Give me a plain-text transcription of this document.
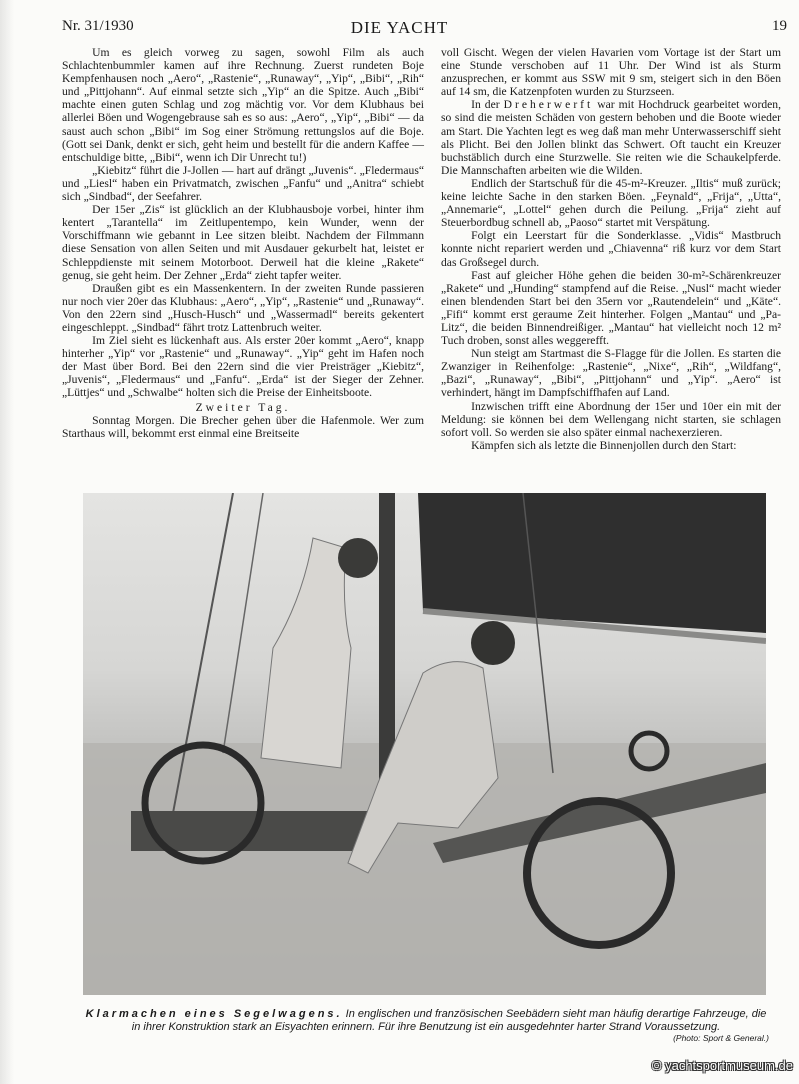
Nr. 31/1930	DIE YACHT	19

Um es gleich vorweg zu sagen, sowohl Film als auch Schlachtenbummler kamen auf ihre Rechnung. Zuerst rundeten Boje Kempfenhausen noch „Aero“, „Rastenie“, „Runaway“, „Yip“, „Bibi“, „Rih“ und „Pittjohann“. Auf einmal setzte sich „Yip“ an die Spitze. Auch „Bibi“ machte einen guten Schlag und zog mächtig vor. Vor dem Klubhaus bei allerlei Böen und Wogengebrause sah es so aus: „Aero“, „Yip“, „Bibi“ — da saust auch schon „Bibi“ im Sog einer Strömung rettungslos auf die Boje. (Gott sei Dank, denkt er sich, geht heim und bestellt für die andern Kaffee — entschuldige bitte, „Bibi“, wenn ich Dir Unrecht tu!)

„Kiebitz“ führt die J-Jollen — hart auf drängt „Juvenis“. „Fledermaus“ und „Liesl“ haben ein Privatmatch, zwischen „Fanfu“ und „Anitra“ schiebt sich „Sindbad“, der Seefahrer.

Der 15er „Zis“ ist glücklich an der Klubhausboje vorbei, hinter ihm kentert „Tarantella“ im Zeitlupentempo, kein Wunder, wenn der Vorschiffmann wie gebannt in Lee sitzen bleibt. Nachdem der Filmmann diese Sensation von allen Seiten und mit Ausdauer gekurbelt hat, leistet er Schleppdienste mit seinem Motorboot. Derweil hat die kleine „Rakete“ genug, sie geht heim. Der Zehner „Erda“ zieht tapfer weiter.

Draußen gibt es ein Massenkentern. In der zweiten Runde passieren nur noch vier 20er das Klubhaus: „Aero“, „Yip“, „Rastenie“ und „Runaway“. Von den 22ern sind „Husch-Husch“ und „Wassermadl“ bereits gekentert eingeschleppt. „Sindbad“ fährt trotz Lattenbruch weiter.

Im Ziel sieht es lückenhaft aus. Als erster 20er kommt „Aero“, knapp hinterher „Yip“ vor „Rastenie“ und „Runaway“. „Yip“ geht im Hafen noch der Mast über Bord. Bei den 22ern sind die vier Preisträger „Kiebitz“, „Juvenis“, „Fledermaus“ und „Fanfu“. „Erda“ ist der Sieger der Zehner. „Lüttjes“ und „Schwalbe“ holten sich die Preise der Einheitsboote.

Zweiter Tag.

Sonntag Morgen. Die Brecher gehen über die Hafenmole. Wer zum Starthaus will, bekommt erst einmal eine Breitseite

voll Gischt. Wegen der vielen Havarien vom Vortage ist der Start um eine Stunde verschoben auf 11 Uhr. Der Wind ist als Sturm anzusprechen, er kommt aus SSW mit 9 sm, steigert sich in den Böen auf 14 sm, die Katzenpfoten wurden zu Sturzseen.

In der Dreherwerft war mit Hochdruck gearbeitet worden, so sind die meisten Schäden von gestern behoben und die Boote wieder am Start. Die Yachten legt es weg daß man mehr Unterwasserschiff sieht als Plicht. Bei den Jollen blinkt das Schwert. Oft taucht ein Kreuzer buchstäblich durch eine Sturzwelle. Sie reiten wie die Schaukelpferde. Die Mannschaften arbeiten wie die Wilden.

Endlich der Startschuß für die 45-m²-Kreuzer. „Iltis“ muß zurück; keine leichte Sache in den starken Böen. „Feynald“, „Frija“, „Utta“, „Annemarie“, „Lottel“ gehen durch die Peilung. „Frija“ zieht auf Steuerbordbug schnell ab, „Paoso“ startet mit Verspätung.

Folgt ein Leerstart für die Sonderklasse. „Vidis“ Mastbruch konnte nicht repariert werden und „Chiavenna“ riß kurz vor dem Start das Großsegel durch.

Fast auf gleicher Höhe gehen die beiden 30-m²-Schärenkreuzer „Rakete“ und „Hunding“ stampfend auf die Reise. „Nusl“ macht wieder einen blendenden Start bei den 35ern vor „Rautendelein“ und „Käte“. „Fifi“ kommt erst geraume Zeit hinterher. Folgen „Mantau“ und „Pa-Litz“, die beiden Binnendreißiger. „Mantau“ hat vielleicht noch 12 m² Tuch droben, sonst alles weggerefft.

Nun steigt am Startmast die S-Flagge für die Jollen. Es starten die Zwanziger in Reihenfolge: „Rastenie“, „Nixe“, „Rih“, „Wildfang“, „Bazi“, „Runaway“, „Bibi“, „Pittjohann“ und „Yip“. „Aero“ ist verhindert, hängt im Dampfschiffhafen auf Land.

Inzwischen trifft eine Abordnung der 15er und 10er ein mit der Meldung: sie können bei dem Wellengang nicht starten, sie schlagen sofort voll. So werden sie also später einmal nachexerzieren.

Kämpfen sich als letzte die Binnenjollen durch den Start:

Klarmachen eines Segelwagens. In englischen und französischen Seebädern sieht man häufig derartige Fahrzeuge, die in ihrer Konstruktion stark an Eisyachten erinnern. Für ihre Benutzung ist ein ausgedehnter harter Strand Voraussetzung.
(Photo: Sport & General.)
© yachtsportmuseum.de
